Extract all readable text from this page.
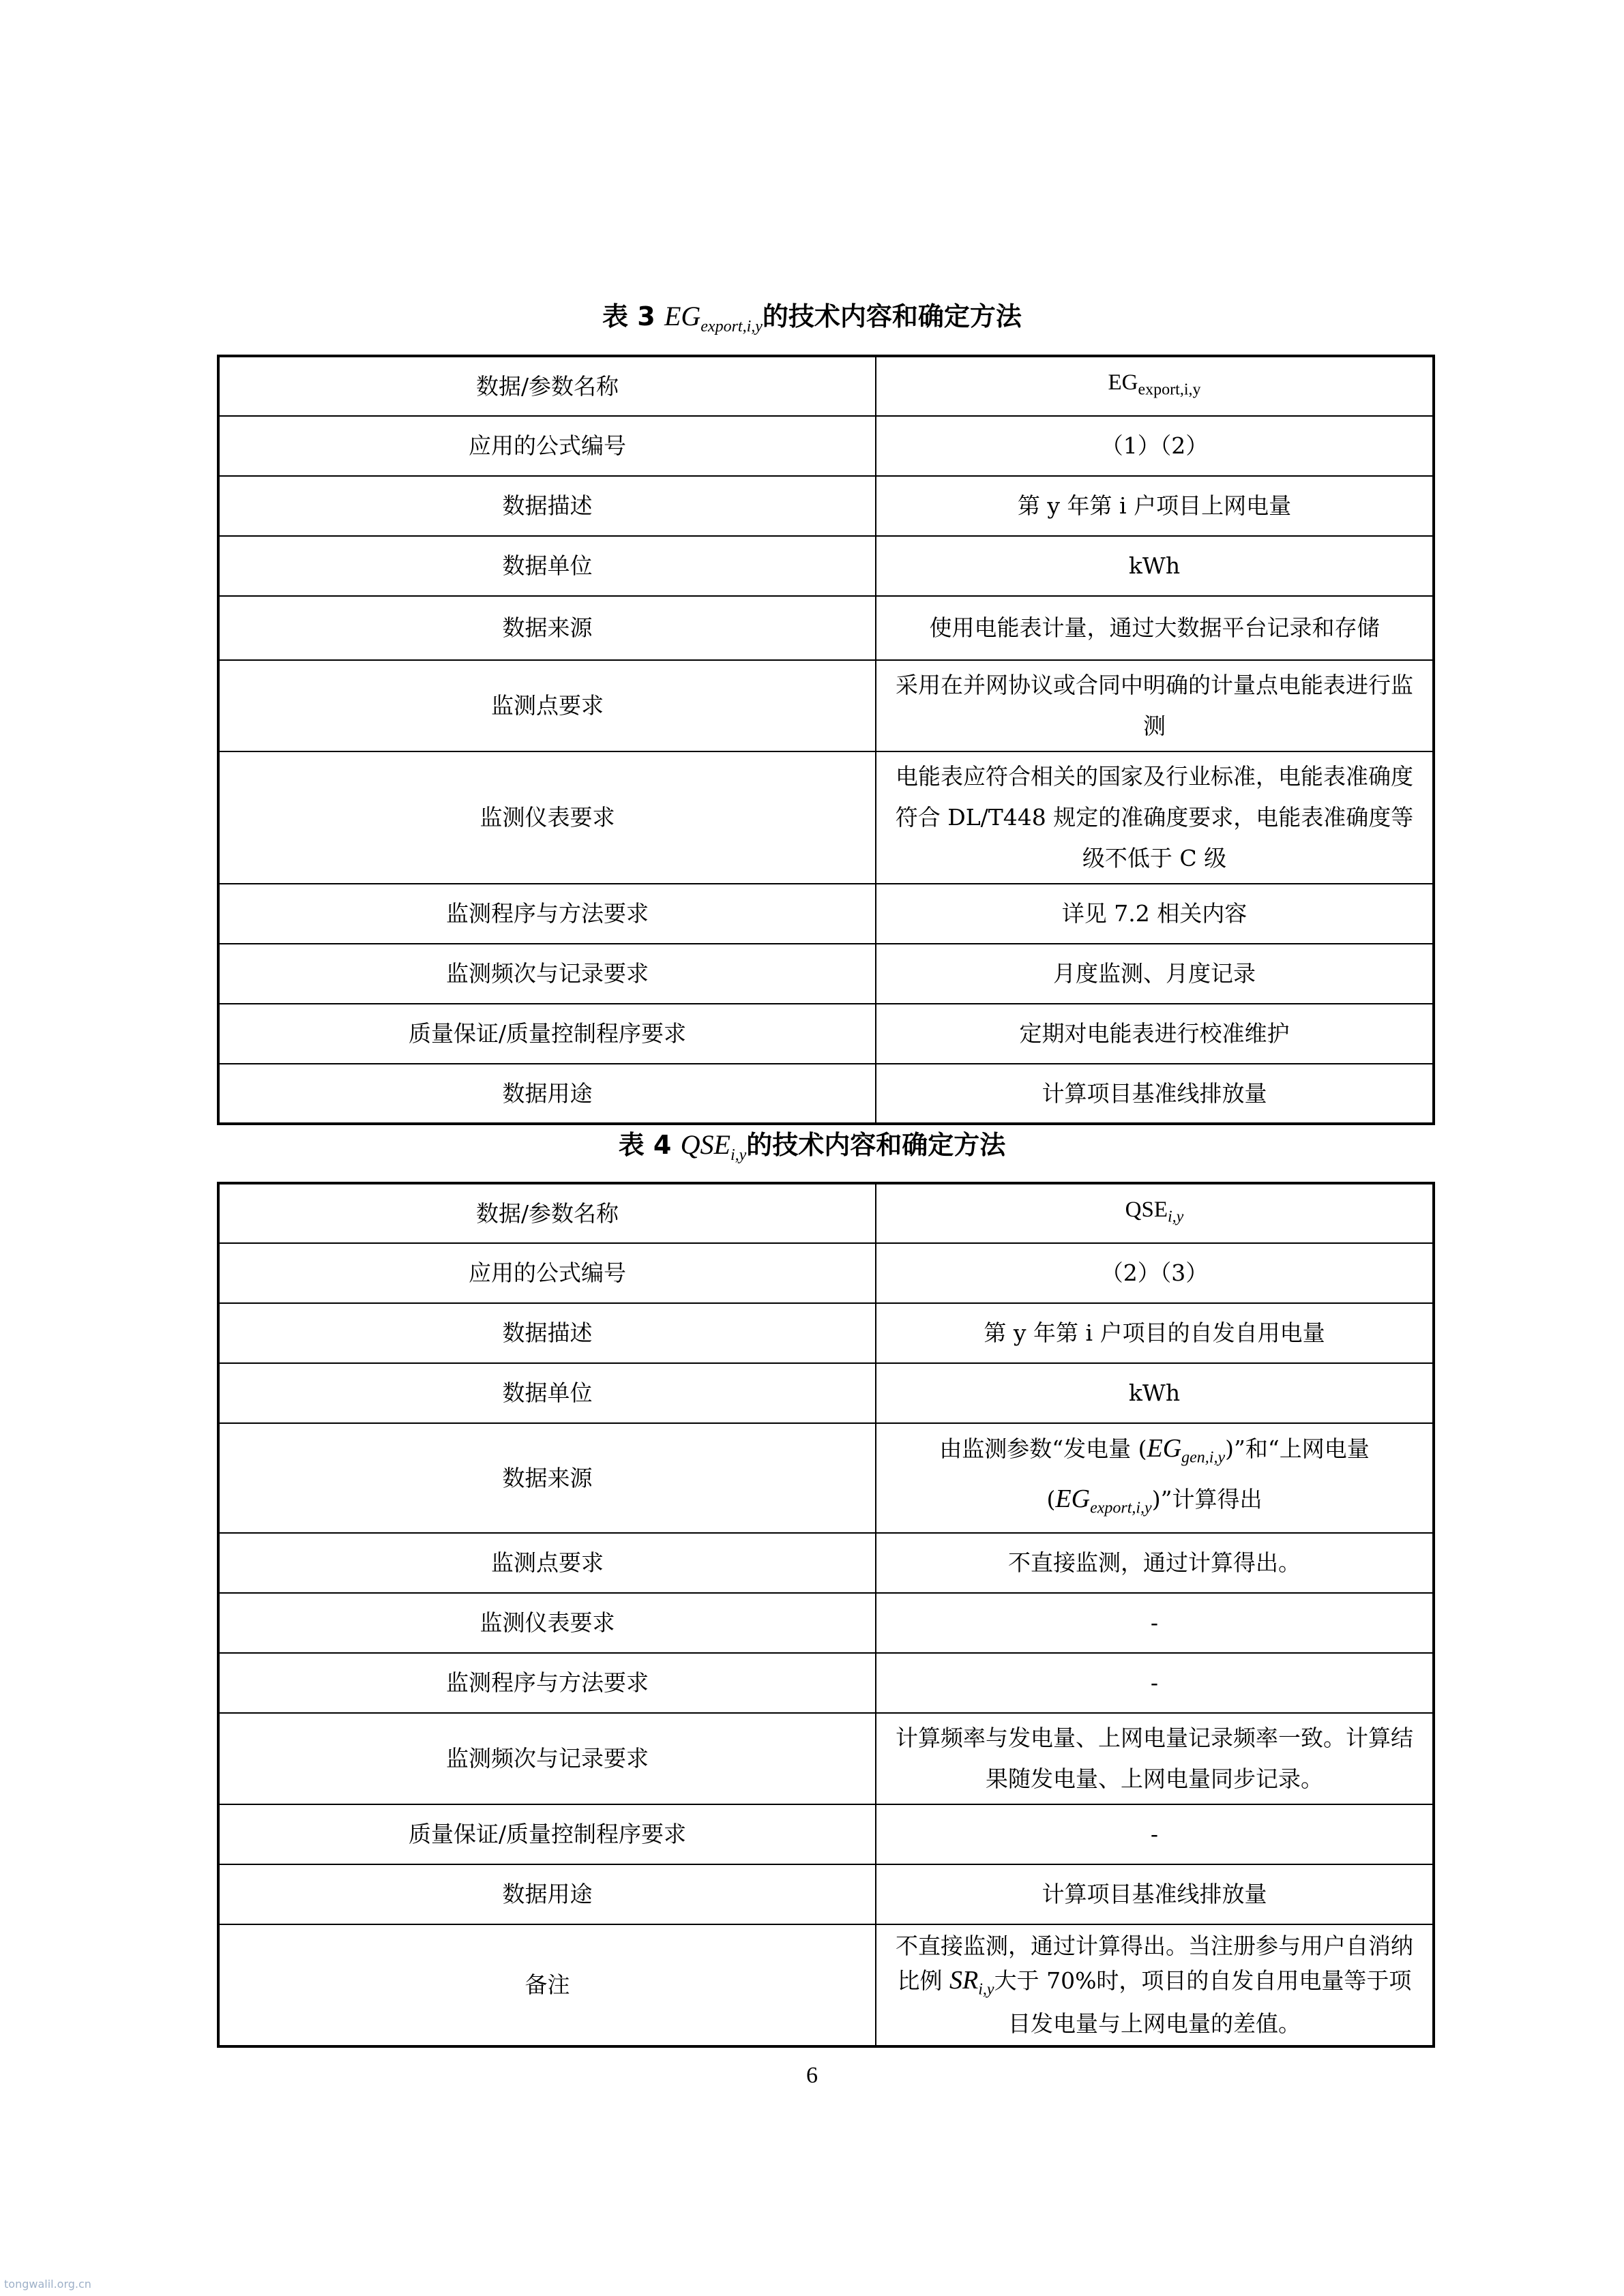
表 3 $EG_{export,i,y}$的技术内容和确定方法
数据/参数名称	$EG_{export,i,y}$
应用的公式编号	（1）（2）
数据描述	第 y 年第 i 户项目上网电量
数据单位	kWh
数据来源	使用电能表计量，通过大数据平台记录和存储
监测点要求	采用在并网协议或合同中明确的计量点电能表进行监测
监测仪表要求	电能表应符合相关的国家及行业标准，电能表准确度符合 DL/T448 规定的准确度要求，电能表准确度等级不低于 C 级
监测程序与方法要求	详见 7.2 相关内容
监测频次与记录要求	月度监测、月度记录
质量保证/质量控制程序要求	定期对电能表进行校准维护
数据用途	计算项目基准线排放量
表 4 $QSE_{i,y}$的技术内容和确定方法
数据/参数名称	$QSE_{i,y}$
应用的公式编号	（2）（3）
数据描述	第 y 年第 i 户项目的自发自用电量
数据单位	kWh
数据来源	由监测参数“发电量 $(EG_{gen,i,y})$”和“上网电量
$(EG_{export,i,y})$”计算得出
监测点要求	不直接监测，通过计算得出。
监测仪表要求	-
监测程序与方法要求	-
监测频次与记录要求	计算频率与发电量、上网电量记录频率一致。计算结果随发电量、上网电量同步记录。
质量保证/质量控制程序要求	-
数据用途	计算项目基准线排放量
备注	不直接监测，通过计算得出。当注册参与用户自消纳比例 $SR_{i,y}$大于 70%时，项目的自发自用电量等于项目发电量与上网电量的差值。
6
tongwalil.org.cn
